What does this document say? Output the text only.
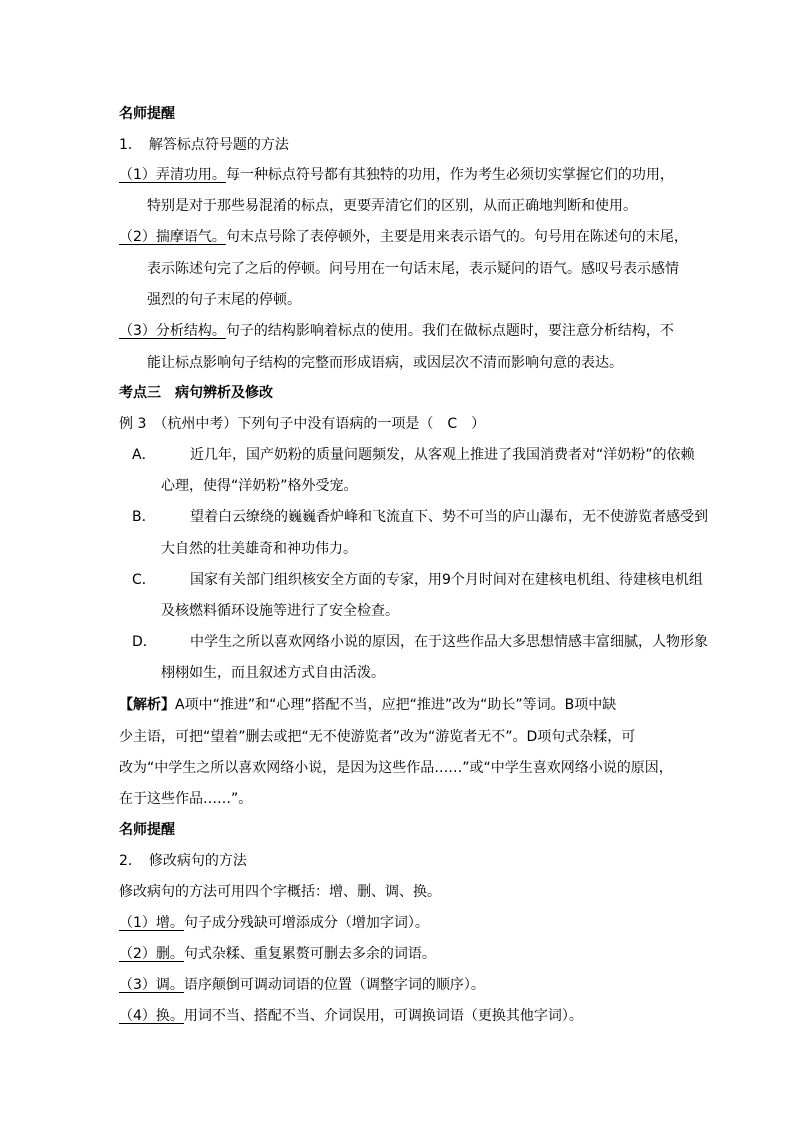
名师提醒
1．　解答标点符号题的方法
（1）弄清功用。每一种标点符号都有其独特的功用，作为考生必须切实掌握它们的功用，
特别是对于那些易混淆的标点，更要弄清它们的区别，从而正确地判断和使用。
（2）揣摩语气。句末点号除了表停顿外，主要是用来表示语气的。句号用在陈述句的末尾，
表示陈述句完了之后的停顿。问号用在一句话末尾，表示疑问的语气。感叹号表示感情
强烈的句子末尾的停顿。
（3）分析结构。句子的结构影响着标点的使用。我们在做标点题时，要注意分析结构，不
能让标点影响句子结构的完整而形成语病，或因层次不清而影响句意的表达。
考点三　病句辨析及修改
例 3　（杭州中考）下列句子中没有语病的一项是（　C　）
A． 近几年，国产奶粉的质量问题频发，从客观上推进了我国消费者对“洋奶粉”的依赖
心理，使得“洋奶粉”格外受宠。
B． 望着白云缭绕的巍巍香炉峰和飞流直下、势不可当的庐山瀑布，无不使游览者感受到
大自然的壮美雄奇和神功伟力。
C． 国家有关部门组织核安全方面的专家，用9个月时间对在建核电机组、待建核电机组
及核燃料循环设施等进行了安全检查。
D． 中学生之所以喜欢网络小说的原因，在于这些作品大多思想情感丰富细腻，人物形象
栩栩如生，而且叙述方式自由活泼。
【解析】A项中“推进”和“心理”搭配不当，应把“推进”改为“助长”等词。B项中缺
少主语，可把“望着”删去或把“无不使游览者”改为“游览者无不”。D项句式杂糅，可
改为“中学生之所以喜欢网络小说，是因为这些作品……”或“中学生喜欢网络小说的原因，
在于这些作品……”。
名师提醒
2．　修改病句的方法
修改病句的方法可用四个字概括：增、删、调、换。
（1）增。句子成分残缺可增添成分（增加字词）。
（2）删。句式杂糅、重复累赘可删去多余的词语。
（3）调。语序颠倒可调动词语的位置（调整字词的顺序）。
（4）换。用词不当、搭配不当、介词误用，可调换词语（更换其他字词）。
